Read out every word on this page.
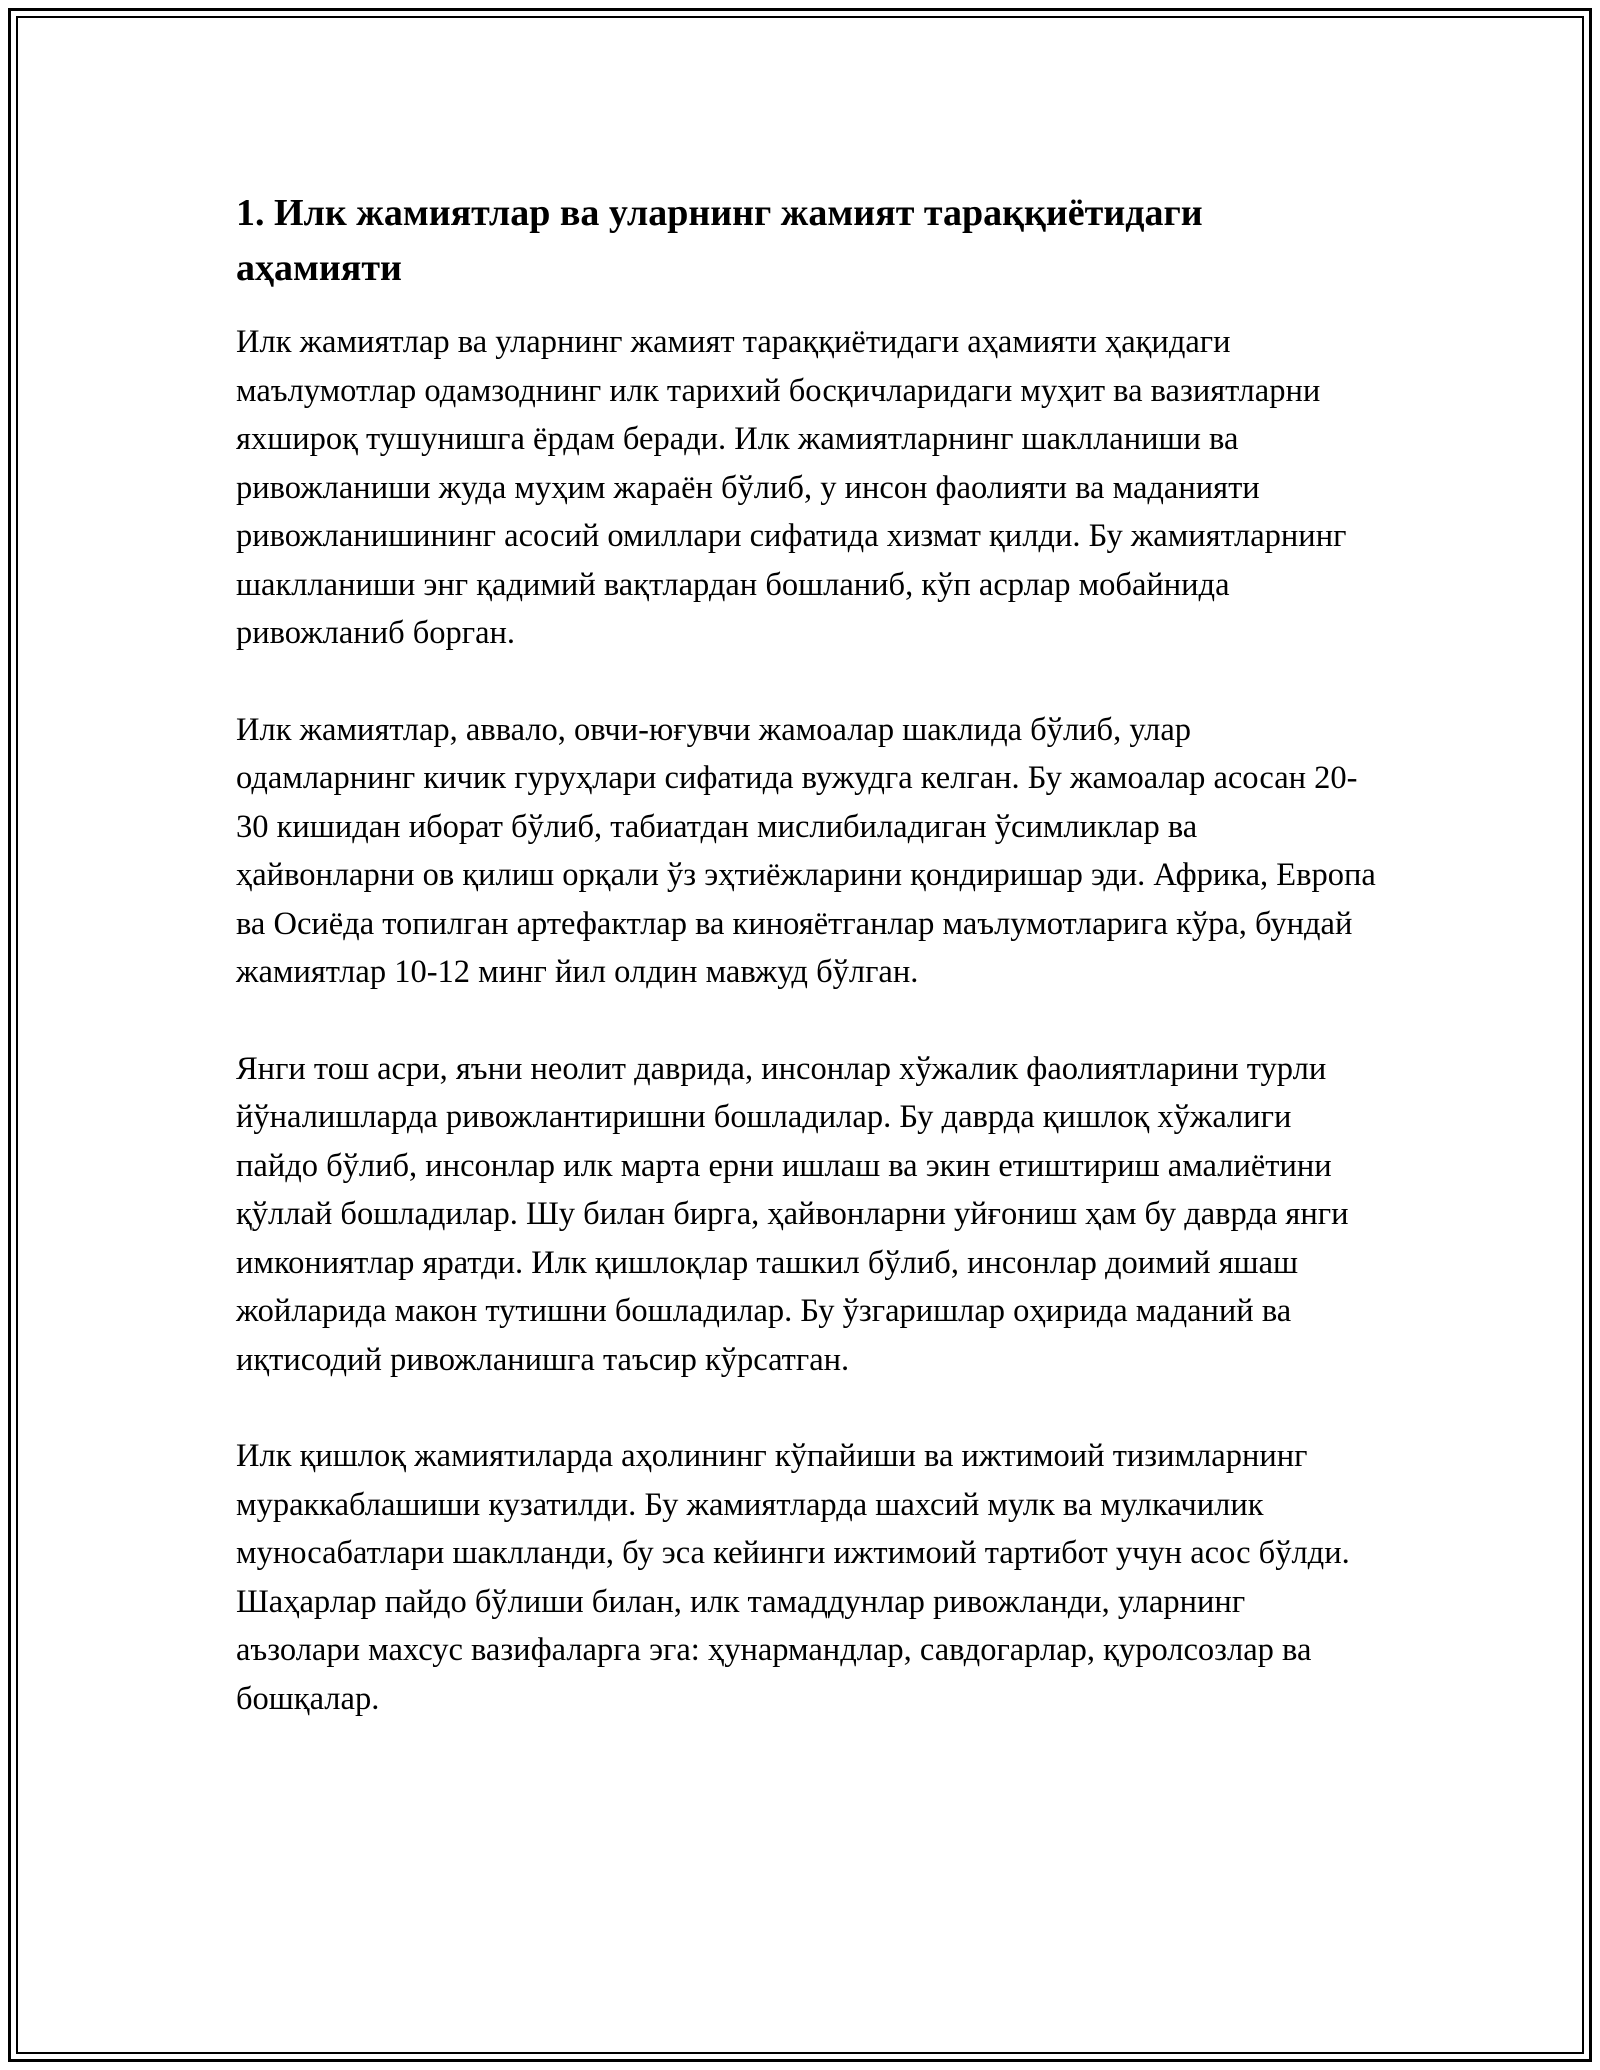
1. Илк жамиятлар ва уларнинг жамият тараққиётидаги аҳамияти

Илк жамиятлар ва уларнинг жамият тараққиётидаги аҳамияти ҳақидаги маълумотлар одамзоднинг илк тарихий босқичларидаги муҳит ва вазиятларни яхшироқ тушунишга ёрдам беради. Илк жамиятларнинг шаклланиши ва ривожланиши жуда муҳим жараён бўлиб, у инсон фаолияти ва маданияти ривожланишининг асосий омиллари сифатида хизмат қилди. Бу жамиятларнинг шаклланиши энг қадимий вақтлардан бошланиб, кўп асрлар мобайнида ривожланиб борган.

Илк жамиятлар, аввало, овчи-юғувчи жамоалар шаклида бўлиб, улар одамларнинг кичик гуруҳлари сифатида вужудга келган. Бу жамоалар асосан 20-30 кишидан иборат бўлиб, табиатдан мислибиладиган ўсимликлар ва ҳайвонларни ов қилиш орқали ўз эҳтиёжларини қондиришар эди. Африка, Европа ва Осиёда топилган артефактлар ва кинояётганлар маълумотларига кўра, бундай жамиятлар 10-12 минг йил олдин мавжуд бўлган.

Янги тош асри, яъни неолит даврида, инсонлар хўжалик фаолиятларини турли йўналишларда ривожлантиришни бошладилар. Бу даврда қишлоқ хўжалиги пайдо бўлиб, инсонлар илк марта ерни ишлаш ва экин етиштириш амалиётини қўллай бошладилар. Шу билан бирга, ҳайвонларни уйғониш ҳам бу даврда янги имкониятлар яратди. Илк қишлоқлар ташкил бўлиб, инсонлар доимий яшаш жойларида макон тутишни бошладилар. Бу ўзгаришлар оҳирида маданий ва иқтисодий ривожланишга таъсир кўрсатган.

Илк қишлоқ жамиятиларда аҳолининг кўпайиши ва ижтимоий тизимларнинг мураккаблашиши кузатилди. Бу жамиятларда шахсий мулк ва мулкачилик муносабатлари шаклланди, бу эса кейинги ижтимоий тартибот учун асос бўлди. Шаҳарлар пайдо бўлиши билан, илк тамаддунлар ривожланди, уларнинг аъзолари махсус вазифаларга эга: ҳунармандлар, савдогарлар, қуролсозлар ва бошқалар.
